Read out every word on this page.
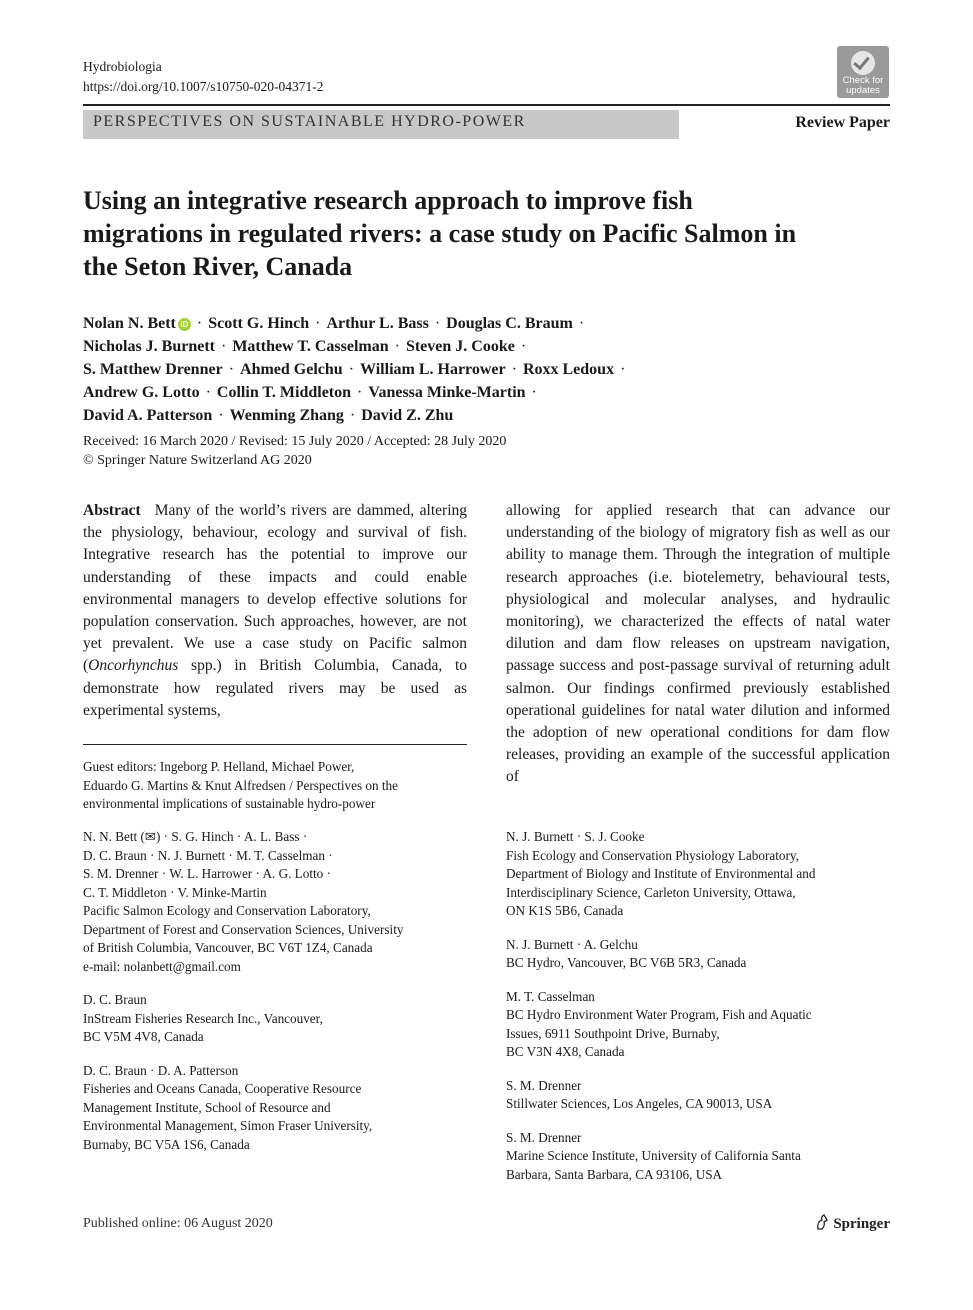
Hydrobiologia
https://doi.org/10.1007/s10750-020-04371-2	Check for
updates
PERSPECTIVES ON SUSTAINABLE HYDRO-POWER	Review Paper
Using an integrative research approach to improve fish migrations in regulated rivers: a case study on Pacific Salmon in the Seton River, Canada
Nolan N. Bett iD · Scott G. Hinch · Arthur L. Bass · Douglas C. Braum ·
Nicholas J. Burnett · Matthew T. Casselman · Steven J. Cooke ·
S. Matthew Drenner · Ahmed Gelchu · William L. Harrower · Roxx Ledoux ·
Andrew G. Lotto · Collin T. Middleton · Vanessa Minke-Martin ·
David A. Patterson · Wenming Zhang · David Z. Zhu
Received: 16 March 2020 / Revised: 15 July 2020 / Accepted: 28 July 2020
© Springer Nature Switzerland AG 2020

Abstract Many of the world’s rivers are dammed, altering the physiology, behaviour, ecology and survival of fish. Integrative research has the potential to improve our understanding of these impacts and could enable environmental managers to develop effective solutions for population conservation. Such approaches, however, are not yet prevalent. We use a case study on Pacific salmon (Oncorhynchus spp.) in British Columbia, Canada, to demonstrate how regulated rivers may be used as experimental systems,

allowing for applied research that can advance our understanding of the biology of migratory fish as well as our ability to manage them. Through the integration of multiple research approaches (i.e. biotelemetry, behavioural tests, physiological and molecular analyses, and hydraulic monitoring), we characterized the effects of natal water dilution and dam flow releases on upstream navigation, passage success and post-passage survival of returning adult salmon. Our findings confirmed previously established operational guidelines for natal water dilution and informed the adoption of new operational conditions for dam flow releases, providing an example of the successful application of

Guest editors: Ingeborg P. Helland, Michael Power,
Eduardo G. Martins & Knut Alfredsen / Perspectives on the
environmental implications of sustainable hydro-power

N. N. Bett (✉) · S. G. Hinch · A. L. Bass ·
D. C. Braun · N. J. Burnett · M. T. Casselman ·
S. M. Drenner · W. L. Harrower · A. G. Lotto ·
C. T. Middleton · V. Minke-Martin
Pacific Salmon Ecology and Conservation Laboratory,
Department of Forest and Conservation Sciences, University
of British Columbia, Vancouver, BC V6T 1Z4, Canada
e-mail: nolanbett@gmail.com

D. C. Braun
InStream Fisheries Research Inc., Vancouver,
BC V5M 4V8, Canada

D. C. Braun · D. A. Patterson
Fisheries and Oceans Canada, Cooperative Resource
Management Institute, School of Resource and
Environmental Management, Simon Fraser University,
Burnaby, BC V5A 1S6, Canada

N. J. Burnett · S. J. Cooke
Fish Ecology and Conservation Physiology Laboratory,
Department of Biology and Institute of Environmental and
Interdisciplinary Science, Carleton University, Ottawa,
ON K1S 5B6, Canada

N. J. Burnett · A. Gelchu
BC Hydro, Vancouver, BC V6B 5R3, Canada

M. T. Casselman
BC Hydro Environment Water Program, Fish and Aquatic
Issues, 6911 Southpoint Drive, Burnaby,
BC V3N 4X8, Canada

S. M. Drenner
Stillwater Sciences, Los Angeles, CA 90013, USA

S. M. Drenner
Marine Science Institute, University of California Santa
Barbara, Santa Barbara, CA 93106, USA

Published online: 06 August 2020	Springer
